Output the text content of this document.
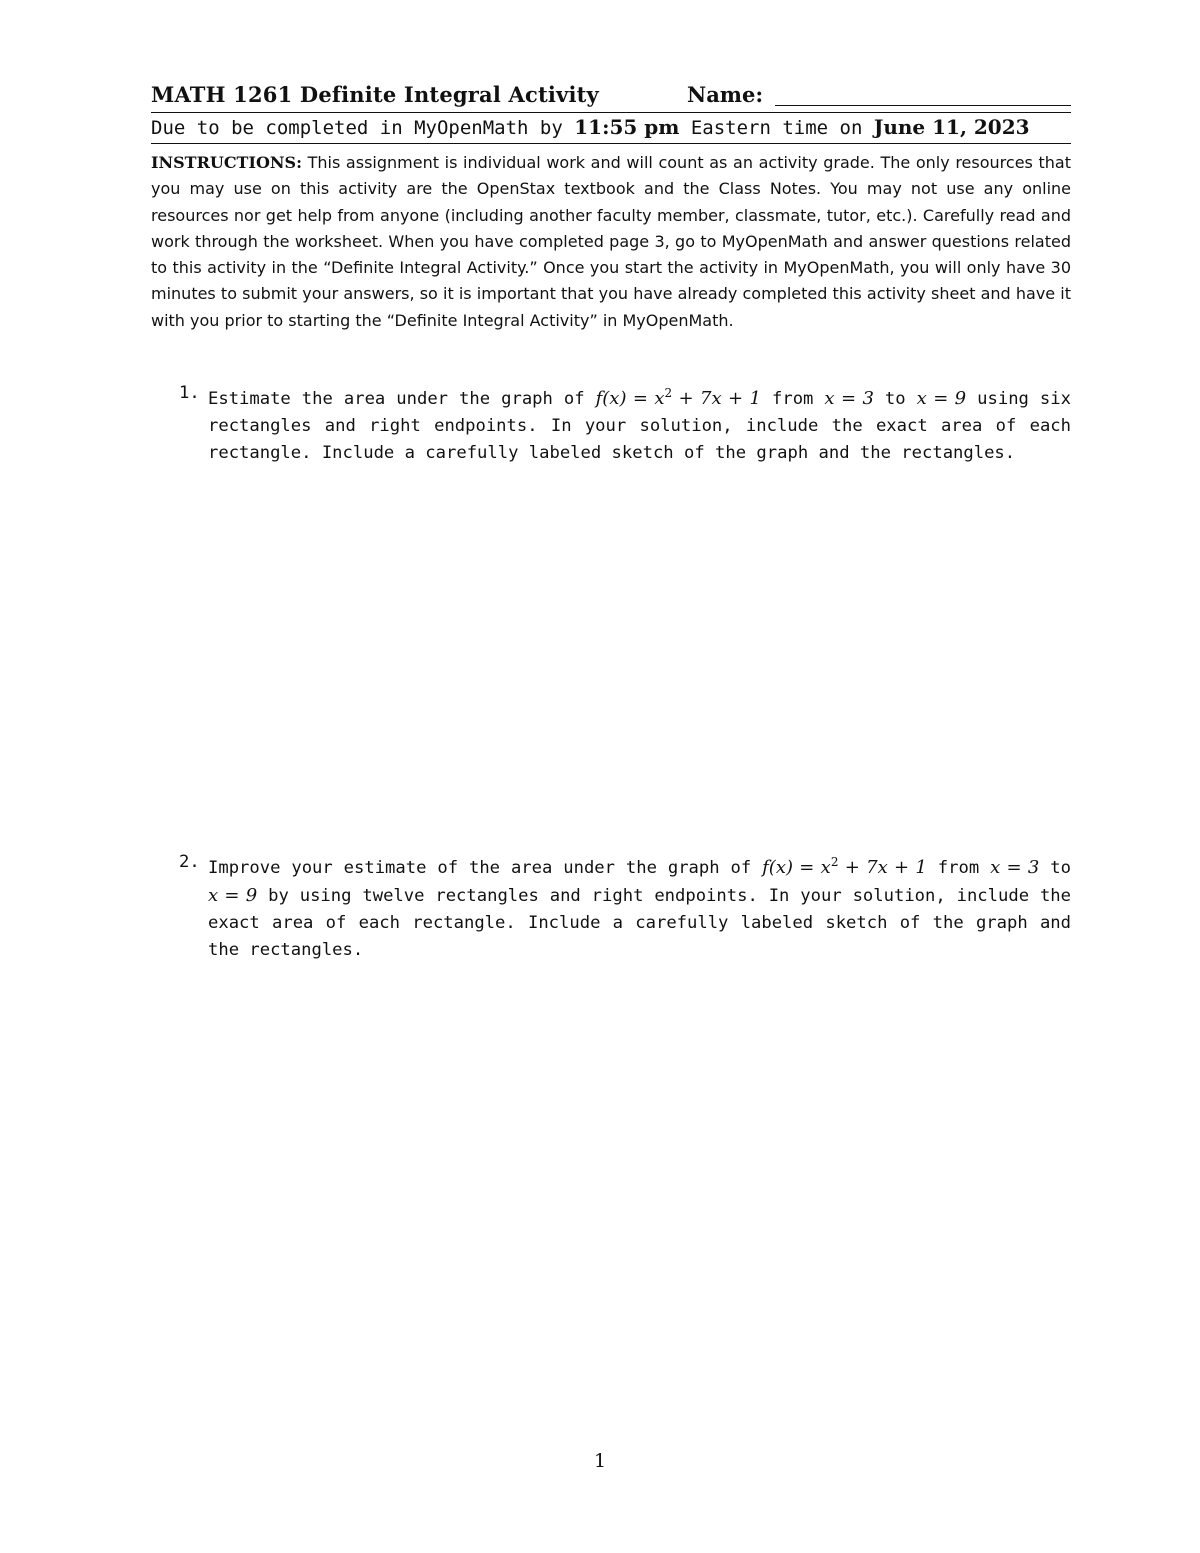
MATH 1261 Definite Integral Activity	Name:
Due to be completed in MyOpenMath by 11:55 pm Eastern time on June 11, 2023
INSTRUCTIONS: This assignment is individual work and will count as an activity grade. The only resources that you may use on this activity are the OpenStax textbook and the Class Notes. You may not use any online resources nor get help from anyone (including another faculty member, classmate, tutor, etc.). Carefully read and work through the worksheet. When you have completed page 3, go to MyOpenMath and answer questions related to this activity in the “Definite Integral Activity.” Once you start the activity in MyOpenMath, you will only have 30 minutes to submit your answers, so it is important that you have already completed this activity sheet and have it with you prior to starting the “Definite Integral Activity” in MyOpenMath.
1. Estimate the area under the graph of $f(x) = x^2 + 7x + 1$ from x = 3 to x = 9 using six rectangles and right endpoints. In your solution, include the exact area of each rectangle. Include a carefully labeled sketch of the graph and the rectangles.
2. Improve your estimate of the area under the graph of $f(x) = x^2 + 7x + 1$ from x = 3 to x = 9 by using twelve rectangles and right endpoints. In your solution, include the exact area of each rectangle. Include a carefully labeled sketch of the graph and the rectangles.
1
